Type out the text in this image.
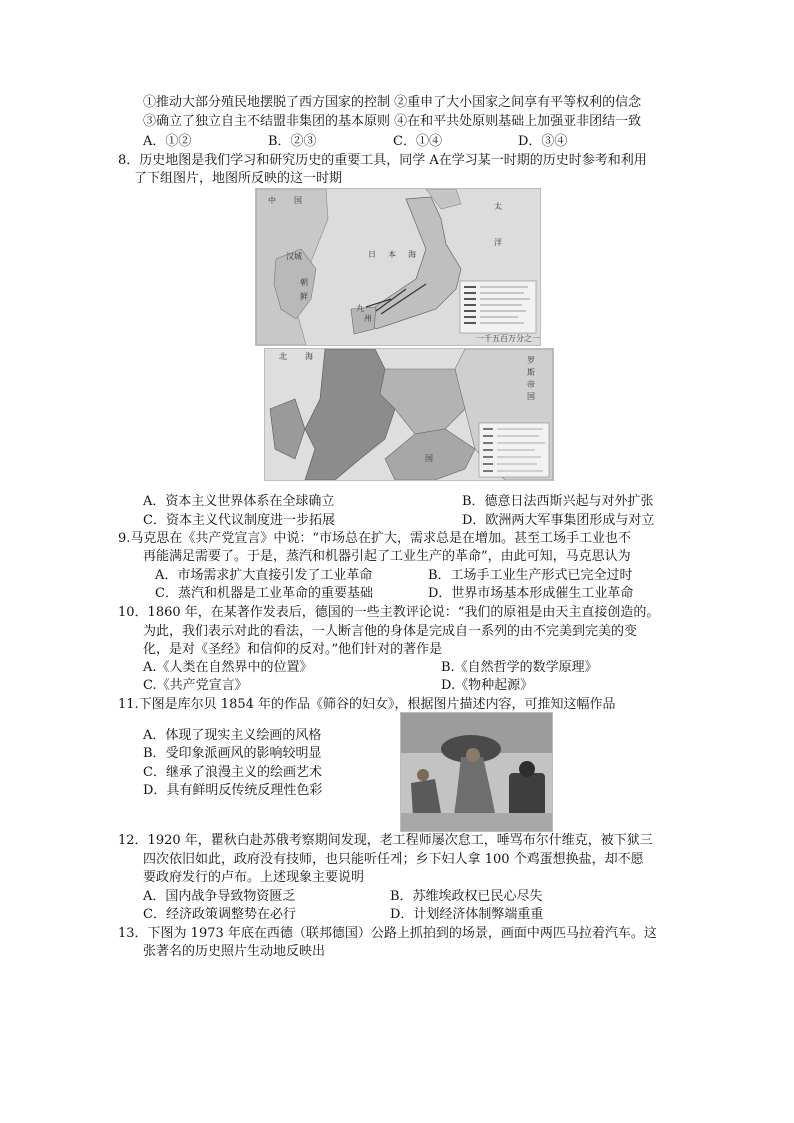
①推动大部分殖民地摆脱了西方国家的控制 ②重申了大小国家之间享有平等权利的信念
③确立了独立自主不结盟非集团的基本原则 ④在和平共处原则基础上加强亚非团结一致
A．①②	B．②③	C．①④	D．③④
8．历史地图是我们学习和研究历史的重要工具，同学 A在学习某一时期的历史时参考和利用
了下组图片，地图所反映的这一时期
中 国
汉城	日 本 海
太
洋
朝
鲜
州
九
一千五百万分之一
北 海	罗
斯
帝
国
国
A．资本主义世界体系在全球确立	B．德意日法西斯兴起与对外扩张
C．资本主义代议制度进一步拓展	D．欧洲两大军事集团形成与对立
9.马克思在《共产党宣言》中说：“市场总在扩大，需求总是在增加。甚至工场手工业也不
再能满足需要了。于是，蒸汽和机器引起了工业生产的革命”，由此可知，马克思认为
A．市场需求扩大直接引发了工业革命	B．工场手工业生产形式已完全过时
C．蒸汽和机器是工业革命的重要基础	D．世界市场基本形成催生工业革命
10．1860 年，在某著作发表后，德国的一些主教评论说：“我们的原祖是由天主直接创造的。
为此，我们表示对此的看法，一人断言他的身体是完成自一系列的由不完美到完美的变
化，是对《圣经》和信仰的反对。”他们针对的著作是
A.《人类在自然界中的位置》	B.《自然哲学的数学原理》
C.《共产党宣言》	D.《物种起源》
11.下图是库尔贝 1854 年的作品《筛谷的妇女》，根据图片描述内容，可推知这幅作品
A．体现了现实主义绘画的风格
B．受印象派画风的影响较明显
C．继承了浪漫主义的绘画艺术
D．具有鲜明反传统反理性色彩
12．1920 年，瞿秋白赴苏俄考察期间发现，老工程师屡次怠工，唾骂布尔什维克，被下狱三
四次依旧如此，政府没有技师，也只能听任게；乡下妇人拿 100 个鸡蛋想换盐，却不愿
要政府发行的卢布。上述现象主要说明
A．国内战争导致物资匮乏	B．苏维埃政权已民心尽失
C．经济政策调整势在必行	D．计划经济体制弊端重重
13．下图为 1973 年底在西德（联邦德国）公路上抓拍到的场景，画面中两匹马拉着汽车。这
张著名的历史照片生动地反映出
